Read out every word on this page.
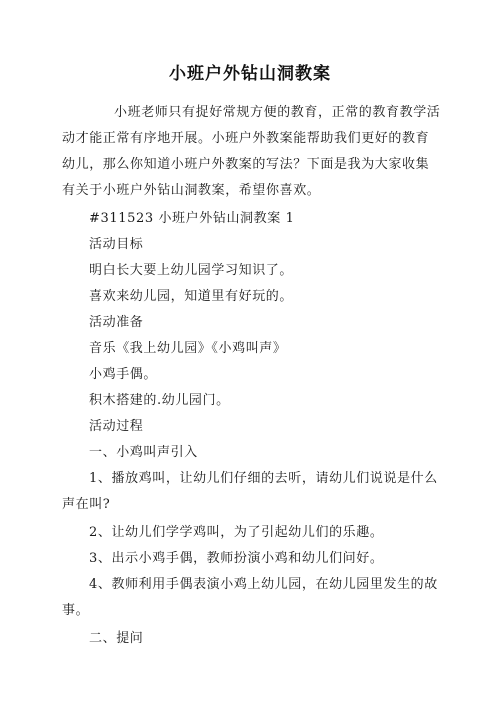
小班户外钻山洞教案

小班老师只有捉好常规方便的教育，正常的教育教学活动才能正常有序地开展。小班户外教案能帮助我们更好的教育幼儿，那么你知道小班户外教案的写法？下面是我为大家收集有关于小班户外钻山洞教案，希望你喜欢。

#311523 小班户外钻山洞教案 1

活动目标

明白长大要上幼儿园学习知识了。

喜欢来幼儿园，知道里有好玩的。

活动准备

音乐《我上幼儿园》《小鸡叫声》

小鸡手偶。

积木搭建的.幼儿园门。

活动过程

一、小鸡叫声引入

1、播放鸡叫，让幼儿们仔细的去听，请幼儿们说说是什么声在叫?

2、让幼儿们学学鸡叫，为了引起幼儿们的乐趣。

3、出示小鸡手偶，教师扮演小鸡和幼儿们问好。

4、教师利用手偶表演小鸡上幼儿园，在幼儿园里发生的故事。

二、提问
